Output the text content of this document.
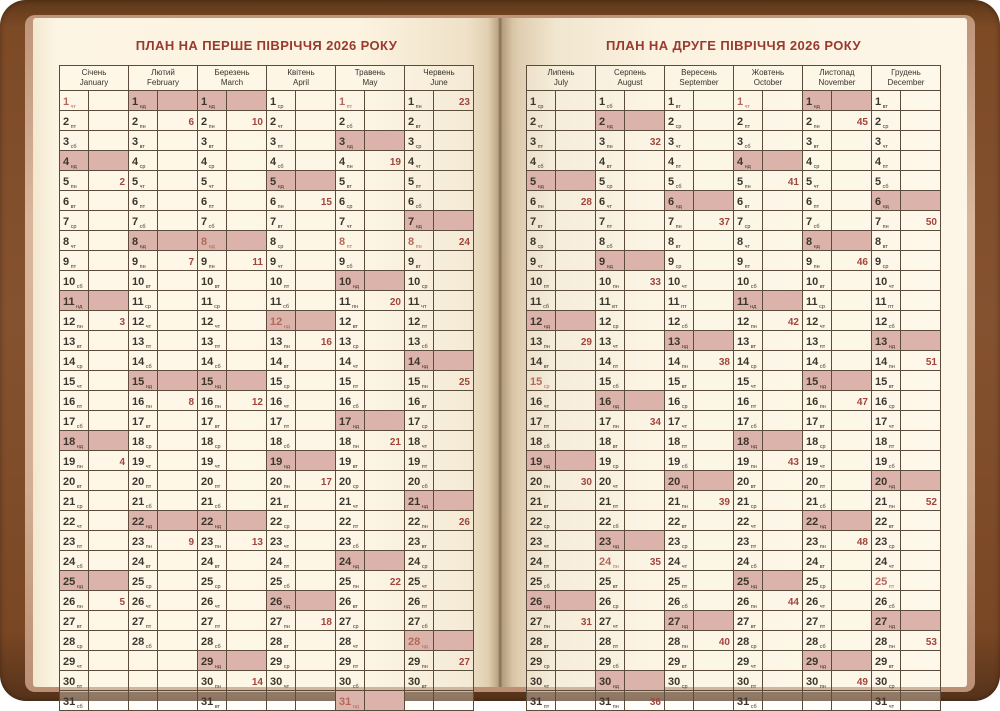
ПЛАН НА ПЕРШЕ ПІВРІЧЧЯ 2026 РОКУ
Січень
January

Лютий
February

Березень
March

Квітень
April

Травень
May

Червень
June

1 чт		1 нд		1 нд		1 ср		1 пт		1 пн	23
2 пт		2 пн	6	2 пн	10	2 чт		2 сб		2 вт	
3 сб		3 вт		3 вт		3 пт		3 нд		3 ср	
4 нд		4 ср		4 ср		4 сб		4 пн	19	4 чт	
5 пн	2	5 чт		5 чт		5 нд		5 вт		5 пт	
6 вт		6 пт		6 пт		6 пн	15	6 ср		6 сб	
7 ср		7 сб		7 сб		7 вт		7 чт		7 нд	
8 чт		8 нд		8 нд		8 ср		8 пт		8 пн	24
9 пт		9 пн	7	9 пн	11	9 чт		9 сб		9 вт	
10 сб		10 вт		10 вт		10 пт		10 нд		10 ср	
11 нд		11 ср		11 ср		11 сб		11 пн	20	11 чт	
12 пн	3	12 чт		12 чт		12 нд		12 вт		12 пт	
13 вт		13 пт		13 пт		13 пн	16	13 ср		13 сб	
14 ср		14 сб		14 сб		14 вт		14 чт		14 нд	
15 чт		15 нд		15 нд		15 ср		15 пт		15 пн	25
16 пт		16 пн	8	16 пн	12	16 чт		16 сб		16 вт	
17 сб		17 вт		17 вт		17 пт		17 нд		17 ср	
18 нд		18 ср		18 ср		18 сб		18 пн	21	18 чт	
19 пн	4	19 чт		19 чт		19 нд		19 вт		19 пт	
20 вт		20 пт		20 пт		20 пн	17	20 ср		20 сб	
21 ср		21 сб		21 сб		21 вт		21 чт		21 нд	
22 чт		22 нд		22 нд		22 ср		22 пт		22 пн	26
23 пт		23 пн	9	23 пн	13	23 чт		23 сб		23 вт	
24 сб		24 вт		24 вт		24 пт		24 нд		24 ср	
25 нд		25 ср		25 ср		25 сб		25 пн	22	25 чт	
26 пн	5	26 чт		26 чт		26 нд		26 вт		26 пт	
27 вт		27 пт		27 пт		27 пн	18	27 ср		27 сб	
28 ср		28 сб		28 сб		28 вт		28 чт		28 нд	
29 чт				29 нд		29 ср		29 пт		29 пн	27
30 пт				30 пн	14	30 чт		30 сб		30 вт	
31 сб				31 вт				31 нд			
ПЛАН НА ДРУГЕ ПІВРІЧЧЯ 2026 РОКУ
Липень
July

Серпень
August

Вересень
September

Жовтень
October

Листопад
November

Грудень
December

1 ср		1 сб		1 вт		1 чт		1 нд		1 вт	
2 чт		2 нд		2 ср		2 пт		2 пн	45	2 ср	
3 пт		3 пн	32	3 чт		3 сб		3 вт		3 чт	
4 сб		4 вт		4 пт		4 нд		4 ср		4 пт	
5 нд		5 ср		5 сб		5 пн	41	5 чт		5 сб	
6 пн	28	6 чт		6 нд		6 вт		6 пт		6 нд	
7 вт		7 пт		7 пн	37	7 ср		7 сб		7 пн	50
8 ср		8 сб		8 вт		8 чт		8 нд		8 вт	
9 чт		9 нд		9 ср		9 пт		9 пн	46	9 ср	
10 пт		10 пн	33	10 чт		10 сб		10 вт		10 чт	
11 сб		11 вт		11 пт		11 нд		11 ср		11 пт	
12 нд		12 ср		12 сб		12 пн	42	12 чт		12 сб	
13 пн	29	13 чт		13 нд		13 вт		13 пт		13 нд	
14 вт		14 пт		14 пн	38	14 ср		14 сб		14 пн	51
15 ср		15 сб		15 вт		15 чт		15 нд		15 вт	
16 чт		16 нд		16 ср		16 пт		16 пн	47	16 ср	
17 пт		17 пн	34	17 чт		17 сб		17 вт		17 чт	
18 сб		18 вт		18 пт		18 нд		18 ср		18 пт	
19 нд		19 ср		19 сб		19 пн	43	19 чт		19 сб	
20 пн	30	20 чт		20 нд		20 вт		20 пт		20 нд	
21 вт		21 пт		21 пн	39	21 ср		21 сб		21 пн	52
22 ср		22 сб		22 вт		22 чт		22 нд		22 вт	
23 чт		23 нд		23 ср		23 пт		23 пн	48	23 ср	
24 пт		24 пн	35	24 чт		24 сб		24 вт		24 чт	
25 сб		25 вт		25 пт		25 нд		25 ср		25 пт	
26 нд		26 ср		26 сб		26 пн	44	26 чт		26 сб	
27 пн	31	27 чт		27 нд		27 вт		27 пт		27 нд	
28 вт		28 пт		28 пн	40	28 ср		28 сб		28 пн	53
29 ср		29 сб		29 вт		29 чт		29 нд		29 вт	
30 чт		30 нд		30 ср		30 пт		30 пн	49	30 ср	
31 пт		31 пн	36			31 сб				31 чт	
